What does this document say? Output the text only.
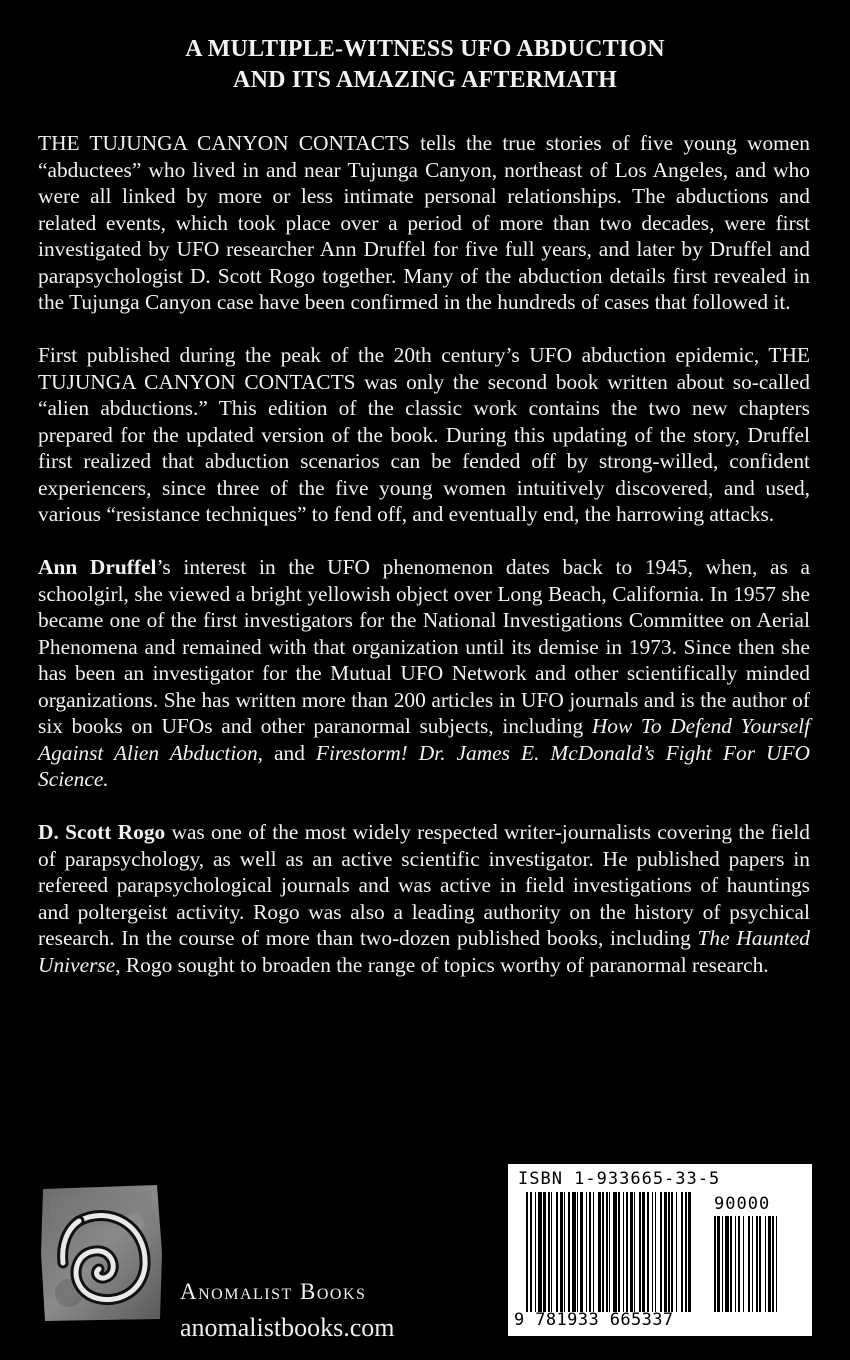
A MULTIPLE-WITNESS UFO ABDUCTION
AND ITS AMAZING AFTERMATH

THE TUJUNGA CANYON CONTACTS tells the true stories of five young women “abductees” who lived in and near Tujunga Canyon, northeast of Los Angeles, and who were all linked by more or less intimate personal relationships. The abductions and related events, which took place over a period of more than two decades, were first investigated by UFO researcher Ann Druffel for five full years, and later by Druffel and parapsychologist D. Scott Rogo together. Many of the abduction details first revealed in the Tujunga Canyon case have been confirmed in the hundreds of cases that followed it.

First published during the peak of the 20th century’s UFO abduction epidemic, THE TUJUNGA CANYON CONTACTS was only the second book written about so-called “alien abductions.” This edition of the classic work contains the two new chapters prepared for the updated version of the book. During this updating of the story, Druffel first realized that abduction scenarios can be fended off by strong-willed, confident experiencers, since three of the five young women intuitively discovered, and used, various “resistance techniques” to fend off, and eventually end, the harrowing attacks.

Ann Druffel’s interest in the UFO phenomenon dates back to 1945, when, as a schoolgirl, she viewed a bright yellowish object over Long Beach, California. In 1957 she became one of the first investigators for the National Investigations Committee on Aerial Phenomena and remained with that organization until its demise in 1973. Since then she has been an investigator for the Mutual UFO Network and other scientifically minded organizations. She has written more than 200 articles in UFO journals and is the author of six books on UFOs and other paranormal subjects, including How To Defend Yourself Against Alien Abduction, and Firestorm! Dr. James E. McDonald’s Fight For UFO Science.

D. Scott Rogo was one of the most widely respected writer-journalists covering the field of parapsychology, as well as an active scientific investigator. He published papers in refereed parapsychological journals and was active in field investigations of hauntings and poltergeist activity. Rogo was also a leading authority on the history of psychical research. In the course of more than two-dozen published books, including The Haunted Universe, Rogo sought to broaden the range of topics worthy of paranormal research.

Anomalist Books
anomalistbooks.com
ISBN 1-933665-33-5
90000
9 781933 665337
